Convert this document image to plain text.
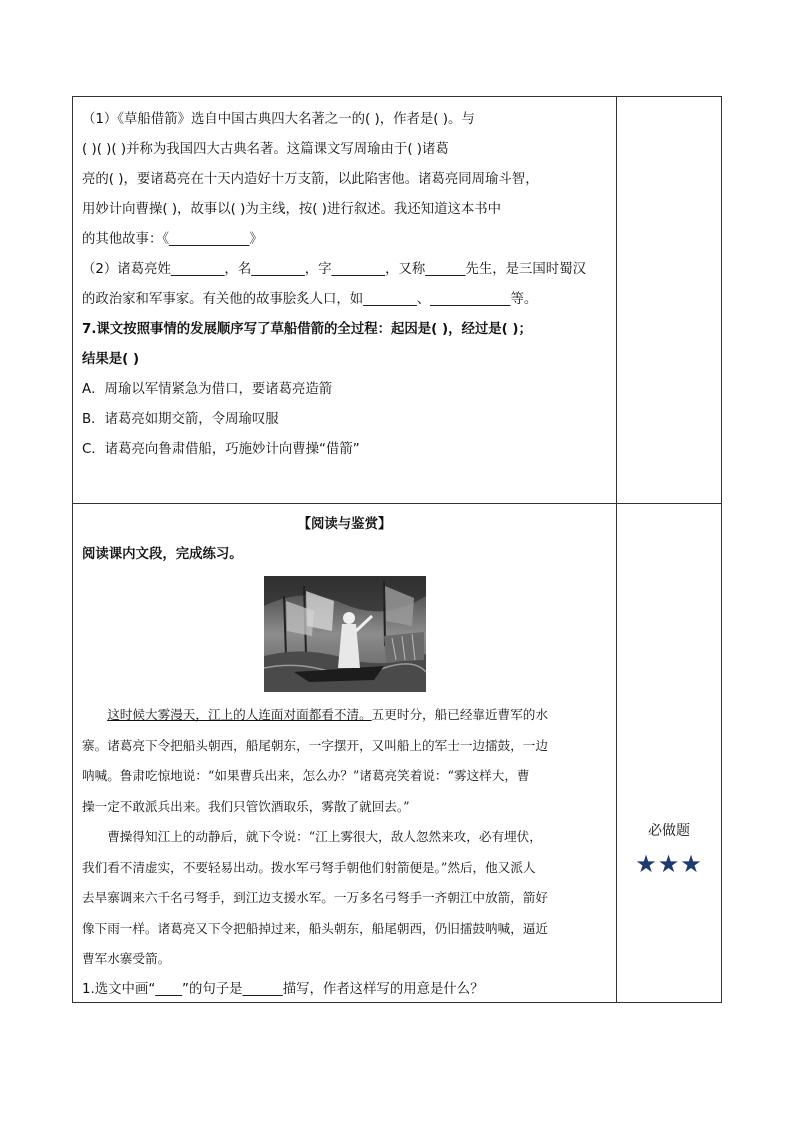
（1）《草船借箭》选自中国古典四大名著之一的( )，作者是( )。与
( )( )( )并称为我国四大古典名著。这篇课文写周瑜由于( )诸葛
亮的( )，要诸葛亮在十天内造好十万支箭，以此陷害他。诸葛亮同周瑜斗智，
用妙计向曹操( )，故事以( )为主线，按( )进行叙述。我还知道这本书中
的其他故事：《____________》
（2）诸葛亮姓________，名________，字________，又称______先生，是三国时蜀汉
的政治家和军事家。有关他的故事脍炙人口，如________、____________等。
7.课文按照事情的发展顺序写了草船借箭的全过程：起因是( )，经过是( )；
结果是( )
A．周瑜以军情紧急为借口，要诸葛亮造箭
B．诸葛亮如期交箭，令周瑜叹服
C．诸葛亮向鲁肃借船，巧施妙计向曹操“借箭”
【阅读与鉴赏】
阅读课内文段，完成练习。
　　这时候大雾漫天，江上的人连面对面都看不清。五更时分，船已经靠近曹军的水
寨。诸葛亮下令把船头朝西，船尾朝东，一字摆开，又叫船上的军士一边擂鼓，一边
呐喊。鲁肃吃惊地说：“如果曹兵出来，怎么办？”诸葛亮笑着说：“雾这样大，曹
操一定不敢派兵出来。我们只管饮酒取乐，雾散了就回去。”
　　曹操得知江上的动静后，就下令说：“江上雾很大，敌人忽然来攻，必有埋伏，
我们看不清虚实，不要轻易出动。拨水军弓弩手朝他们射箭便是。”然后，他又派人
去旱寨调来六千名弓弩手，到江边支援水军。一万多名弓弩手一齐朝江中放箭，箭好
像下雨一样。诸葛亮又下令把船掉过来，船头朝东，船尾朝西，仍旧擂鼓呐喊，逼近
曹军水寨受箭。
1.选文中画“____”的句子是______描写，作者这样写的用意是什么？
必做题
★★★
